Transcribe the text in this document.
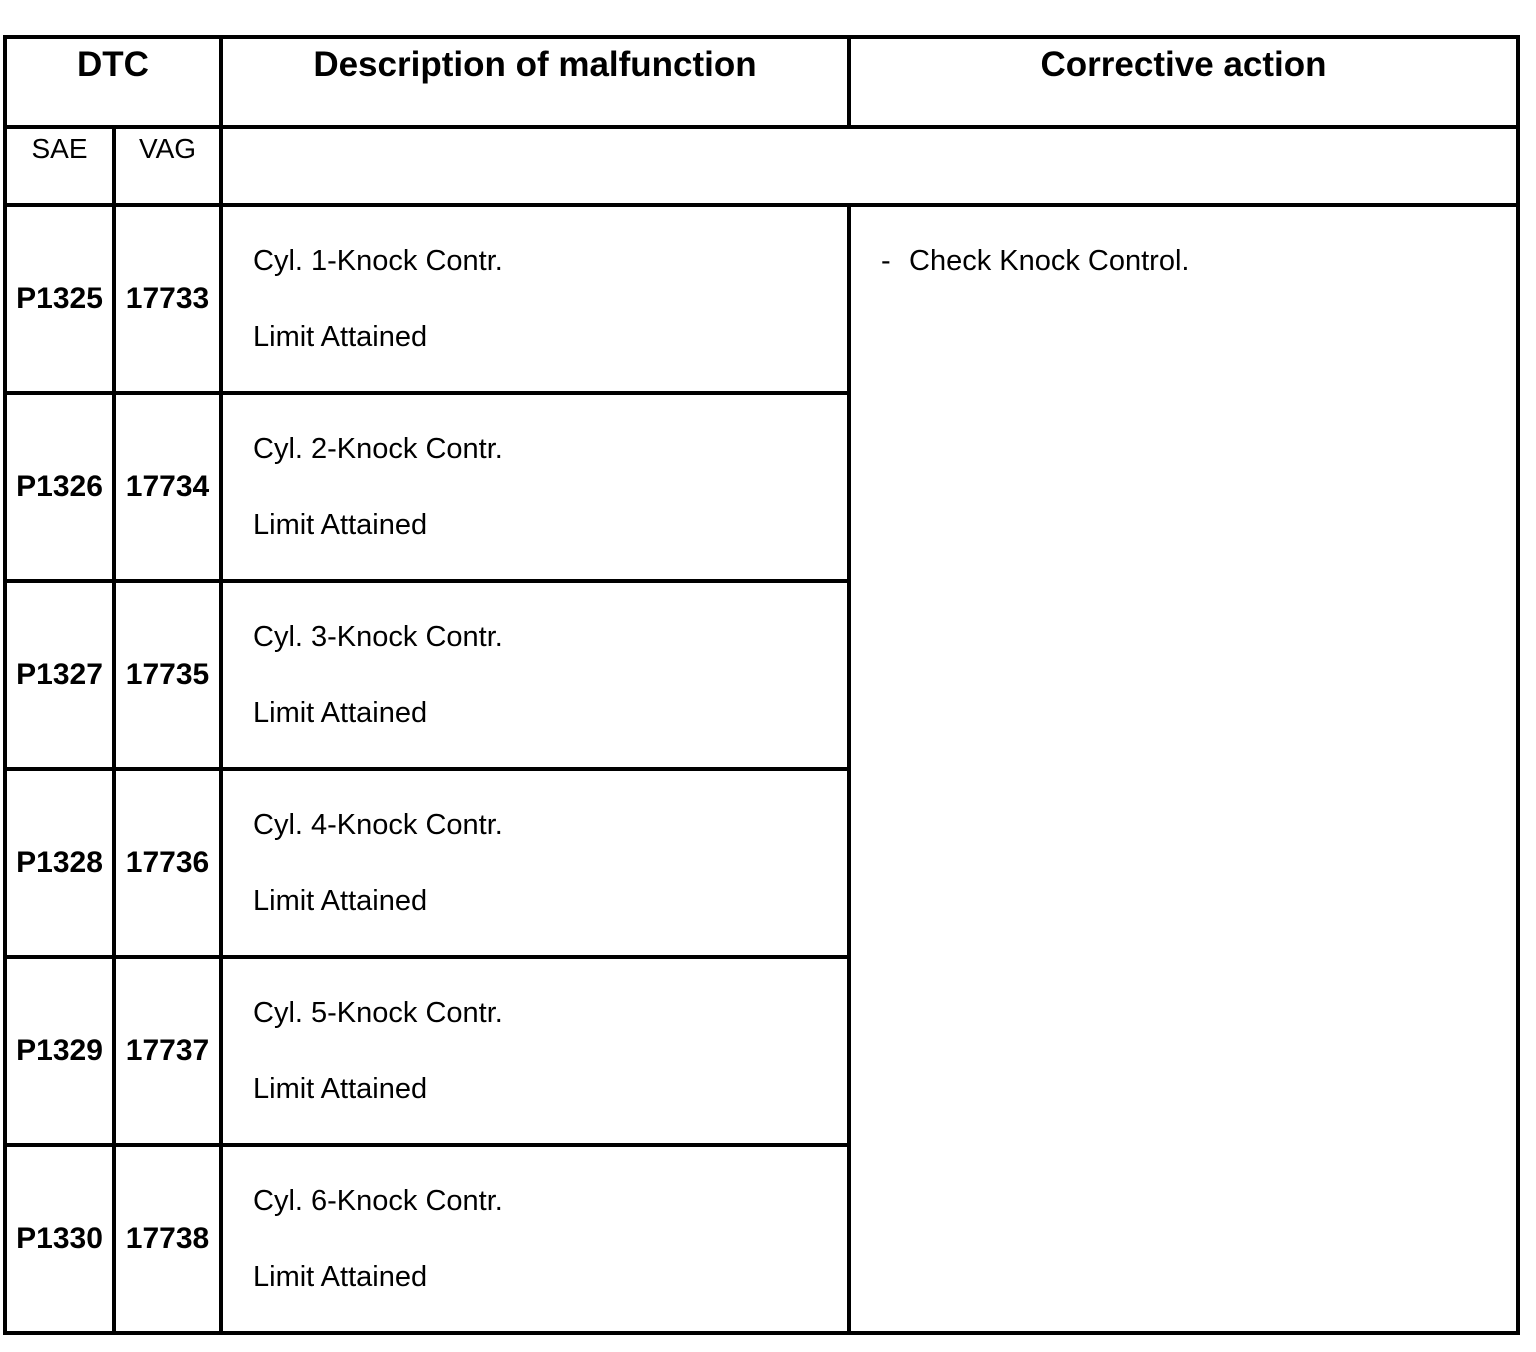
DTC		Description of malfunction	Corrective action
SAE	VAG		
P1325	17733	Cyl. 1-Knock Contr.
Limit Attained	- Check Knock Control.
P1326	17734	Cyl. 2-Knock Contr.
Limit Attained	

P1327	17735	Cyl. 3-Knock Contr.
Limit Attained	

P1328	17736	Cyl. 4-Knock Contr.
Limit Attained	

P1329	17737	Cyl. 5-Knock Contr.
Limit Attained	

P1330	17738	Cyl. 6-Knock Contr.
Limit Attained	
